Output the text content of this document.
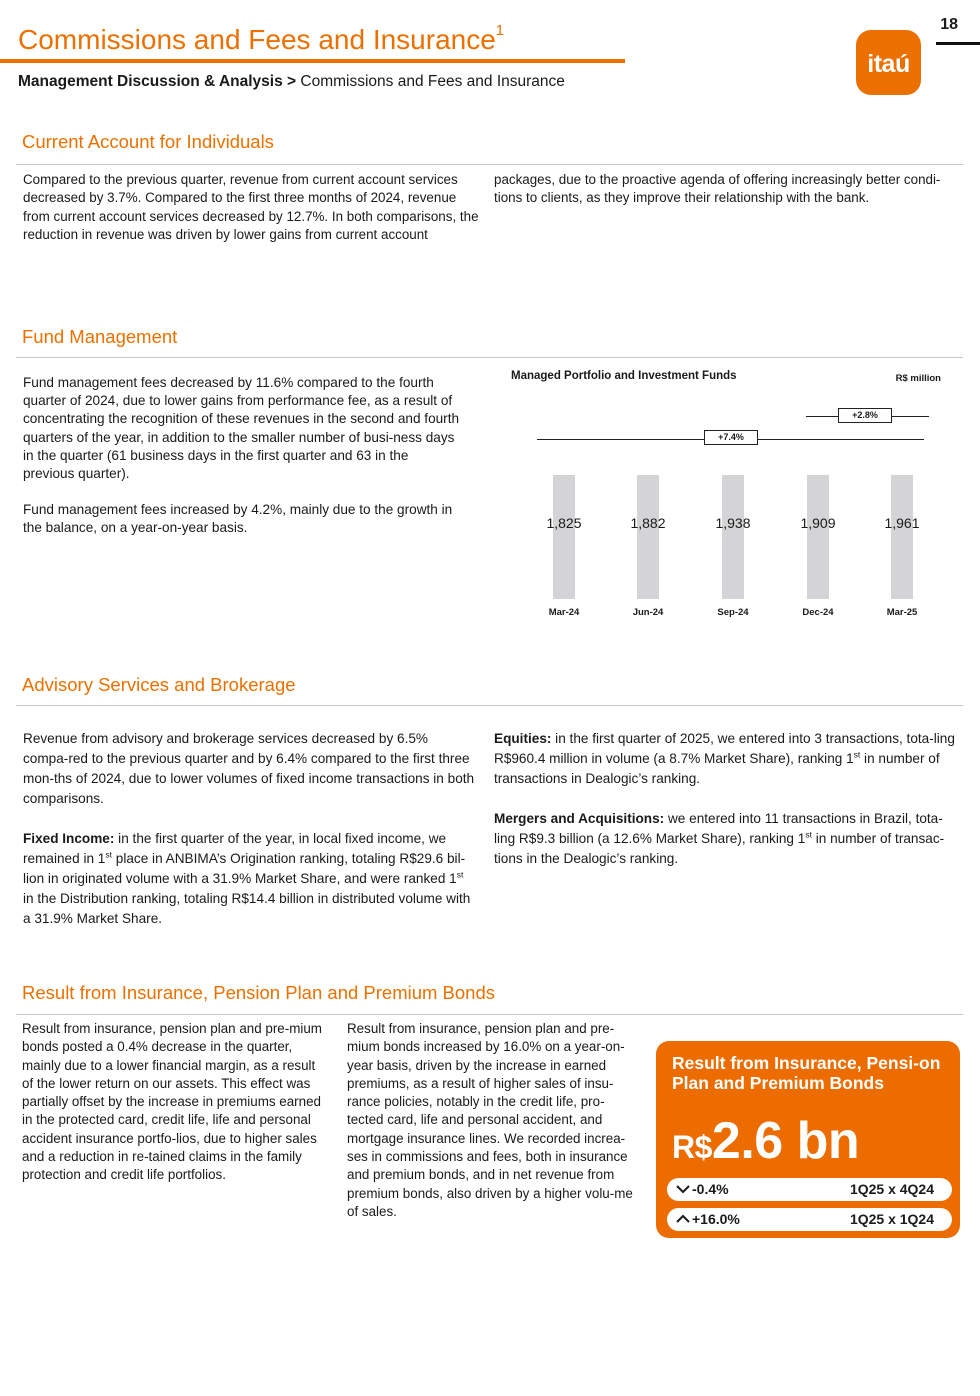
18
Commissions and Fees and Insurance$^1$
Management Discussion & Analysis > Commissions and Fees and Insurance
itaú
Current Account for Individuals
Compared to the previous quarter, revenue from current account services decreased by 3.7%. Compared to the first three months of 2024, revenue from current account services decreased by 12.7%. In both comparisons, the reduction in revenue was driven by lower gains from current account
packages, due to the proactive agenda of offering increasingly better condi-tions to clients, as they improve their relationship with the bank.
Fund Management

Fund management fees decreased by 11.6% compared to the fourth quarter of 2024, due to lower gains from performance fee, as a result of concentrating the recognition of these revenues in the second and fourth quarters of the year, in addition to the smaller number of busi-ness days in the quarter (61 business days in the first quarter and 63 in the previous quarter).

Fund management fees increased by 4.2%, mainly due to the growth in the balance, on a year-on-year basis.

Managed Portfolio and Investment Funds	R$ million
+7.4%
+2.8%
1,825
Mar-24
1,882
Jun-24
1,938
Sep-24
1,909
Dec-24
1,961
Mar-25
Advisory Services and Brokerage

Revenue from advisory and brokerage services decreased by 6.5% compa-red to the previous quarter and by 6.4% compared to the first three mon-ths of 2024, due to lower volumes of fixed income transactions in both comparisons.

Fixed Income: in the first quarter of the year, in local fixed income, we remained in 1st place in ANBIMA’s Origination ranking, totaling R$29.6 bil-lion in originated volume with a 31.9% Market Share, and were ranked 1st in the Distribution ranking, totaling R$14.4 billion in distributed volume with a 31.9% Market Share.

Equities: in the first quarter of 2025, we entered into 3 transactions, tota-ling R$960.4 million in volume (a 8.7% Market Share), ranking 1st in number of transactions in Dealogic’s ranking.

Mergers and Acquisitions: we entered into 11 transactions in Brazil, tota-ling R$9.3 billion (a 12.6% Market Share), ranking 1st in number of transac-tions in the Dealogic’s ranking.

Result from Insurance, Pension Plan and Premium Bonds
Result from insurance, pension plan and pre-mium bonds posted a 0.4% decrease in the quarter, mainly due to a lower financial margin, as a result of the lower return on our assets. This effect was partially offset by the increase in premiums earned in the protected card, credit life, life and personal accident insurance portfo-lios, due to higher sales and a reduction in re-tained claims in the family protection and credit life portfolios.
Result from insurance, pension plan and pre-mium bonds increased by 16.0% on a year-on-year basis, driven by the increase in earned premiums, as a result of higher sales of insu-rance policies, notably in the credit life, pro-tected card, life and personal accident, and mortgage insurance lines. We recorded increa-ses in commissions and fees, both in insurance and premium bonds, and in net revenue from premium bonds, also driven by a higher volu-me of sales.
Result from Insurance, Pensi-on Plan and Premium Bonds
R$2.6 bn
-0.4%	1Q25 x 4Q24
+16.0%	1Q25 x 1Q24
